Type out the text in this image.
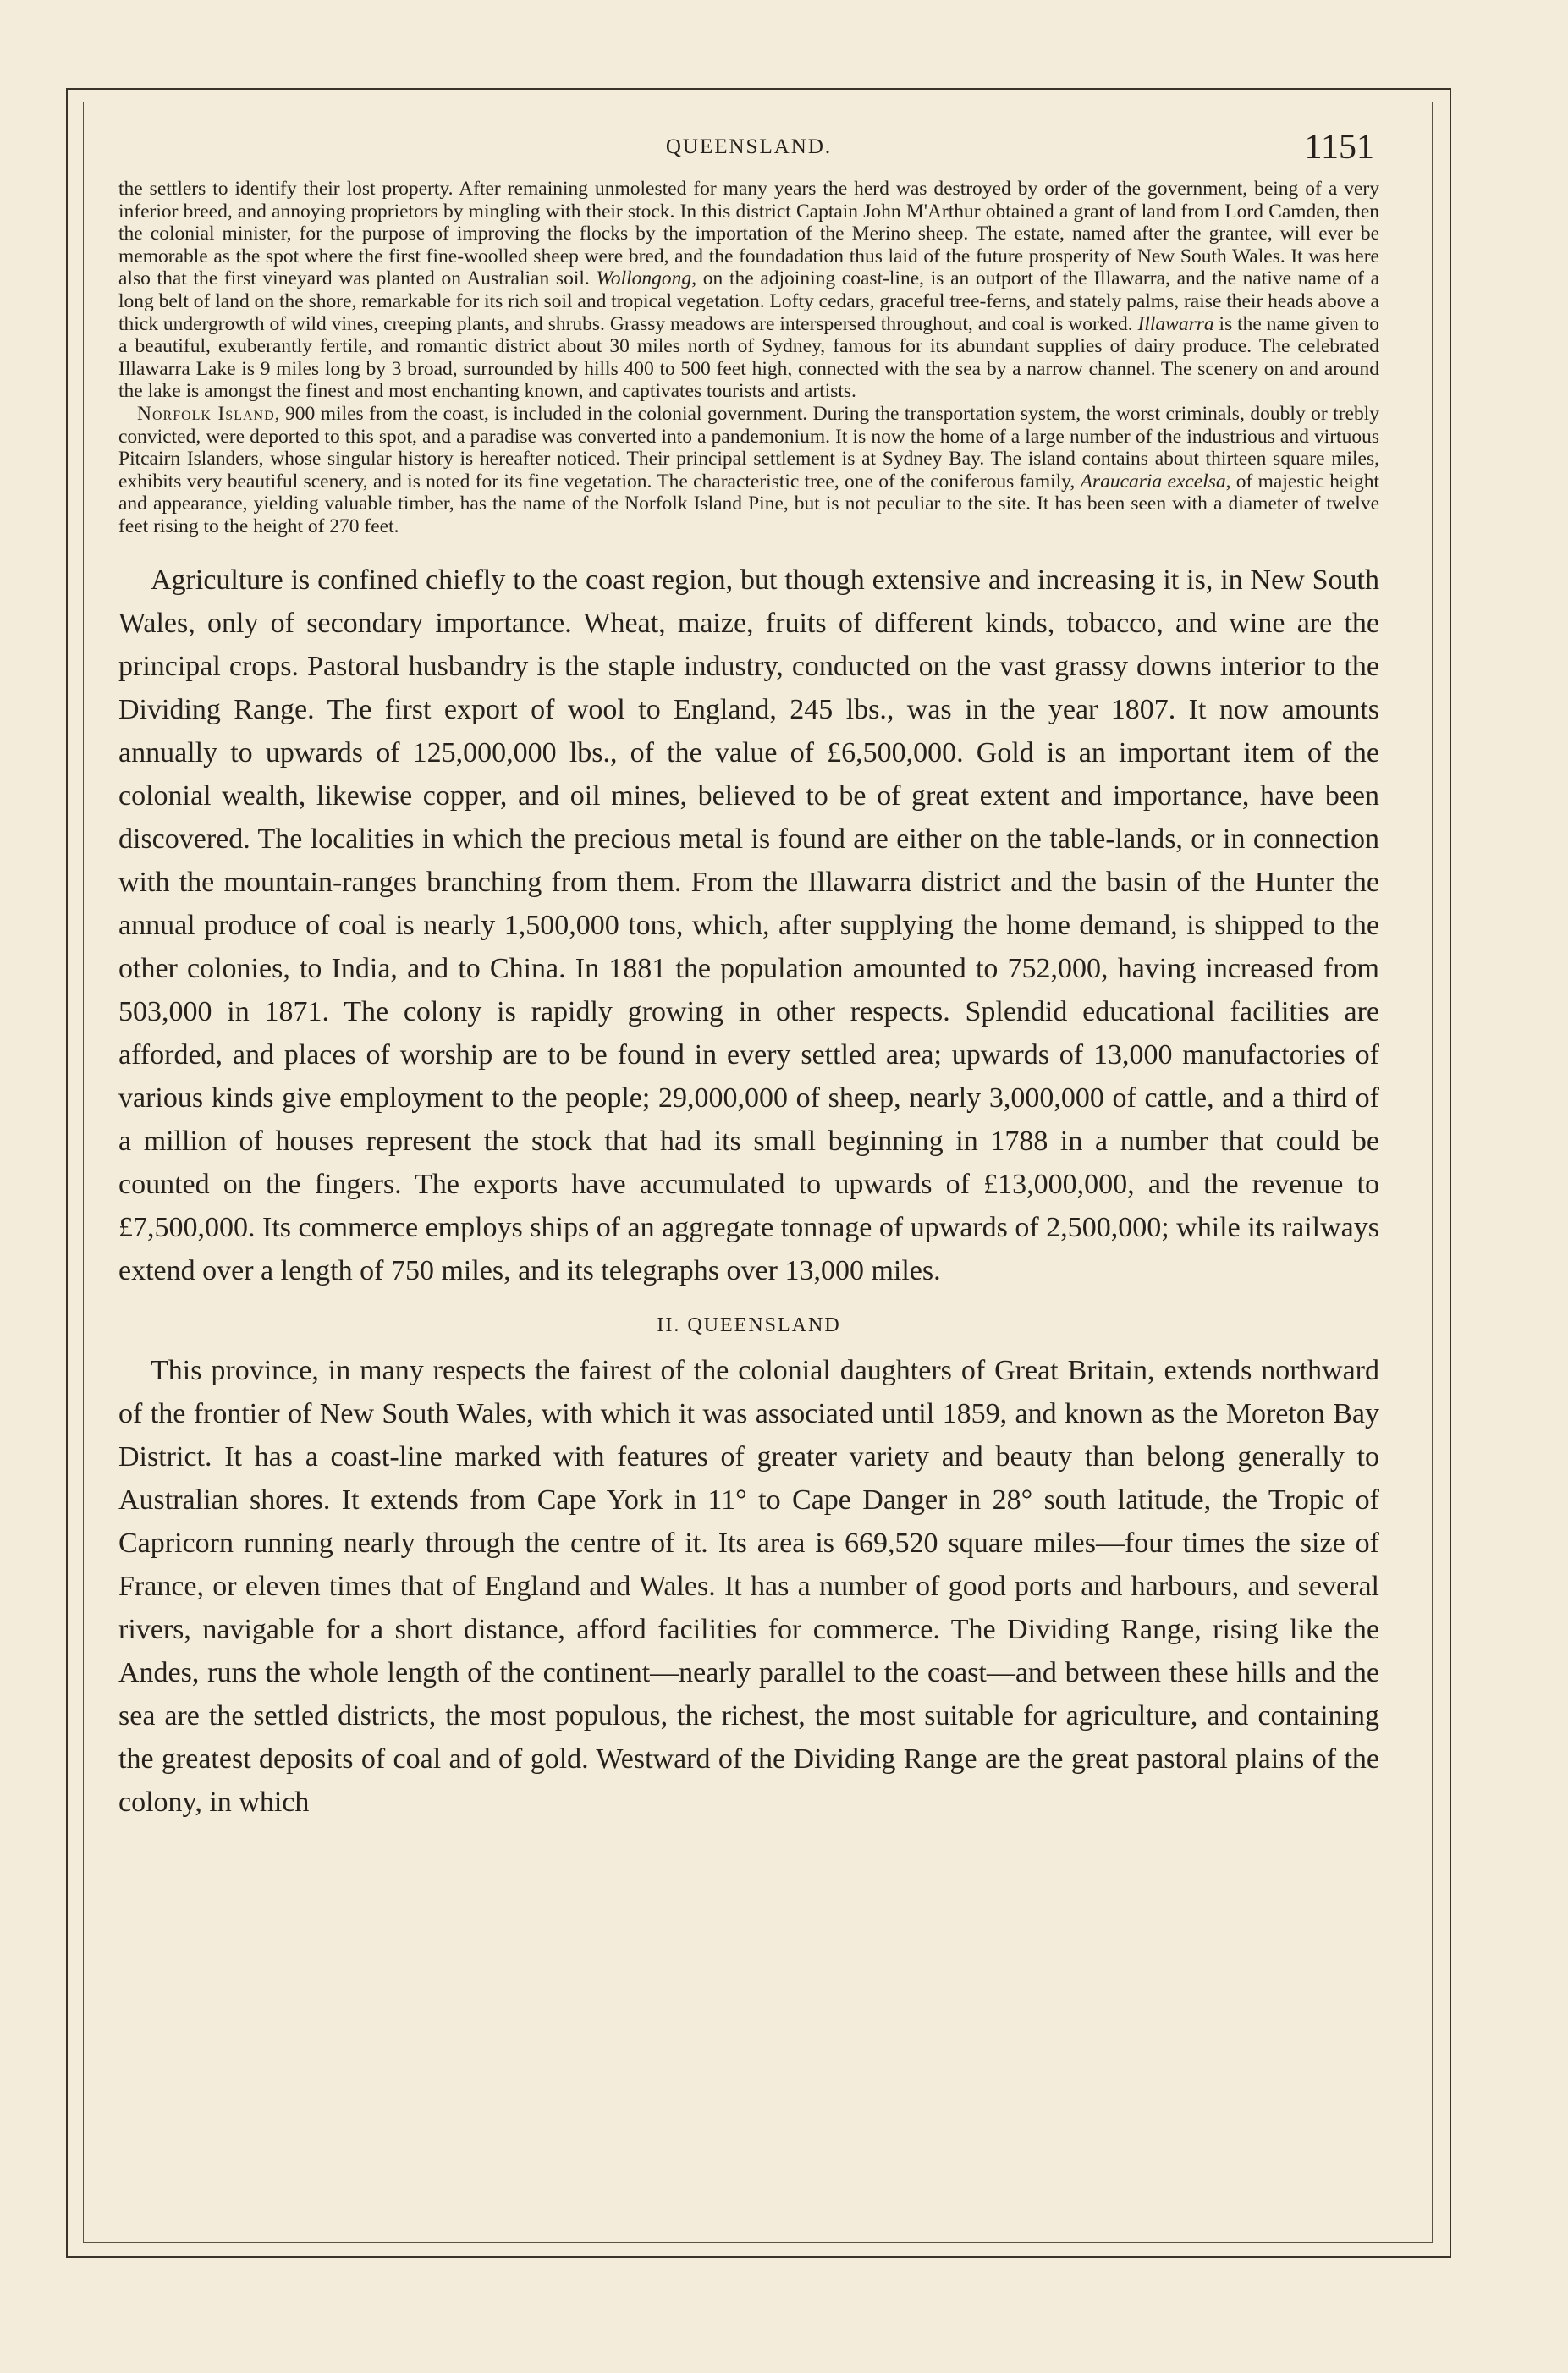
QUEENSLAND.	1151

the settlers to identify their lost property. After remaining unmolested for many years the herd was destroyed by order of the government, being of a very inferior breed, and annoying proprietors by mingling with their stock. In this district Captain John M'Arthur obtained a grant of land from Lord Camden, then the colonial minister, for the purpose of improving the flocks by the importation of the Merino sheep. The estate, named after the grantee, will ever be memorable as the spot where the first fine-woolled sheep were bred, and the foundadation thus laid of the future prosperity of New South Wales. It was here also that the first vineyard was planted on Australian soil. Wollongong, on the adjoining coast-line, is an outport of the Illawarra, and the native name of a long belt of land on the shore, remarkable for its rich soil and tropical vegetation. Lofty cedars, graceful tree-ferns, and stately palms, raise their heads above a thick undergrowth of wild vines, creeping plants, and shrubs. Grassy meadows are interspersed throughout, and coal is worked. Illawarra is the name given to a beautiful, exuberantly fertile, and romantic district about 30 miles north of Sydney, famous for its abundant supplies of dairy produce. The celebrated Illawarra Lake is 9 miles long by 3 broad, surrounded by hills 400 to 500 feet high, connected with the sea by a narrow channel. The scenery on and around the lake is amongst the finest and most enchanting known, and captivates tourists and artists.

Norfolk Island, 900 miles from the coast, is included in the colonial government. During the transportation system, the worst criminals, doubly or trebly convicted, were deported to this spot, and a paradise was converted into a pandemonium. It is now the home of a large number of the industrious and virtuous Pitcairn Islanders, whose singular history is hereafter noticed. Their principal settlement is at Sydney Bay. The island contains about thirteen square miles, exhibits very beautiful scenery, and is noted for its fine vegetation. The characteristic tree, one of the coniferous family, Araucaria excelsa, of majestic height and appearance, yielding valuable timber, has the name of the Norfolk Island Pine, but is not peculiar to the site. It has been seen with a diameter of twelve feet rising to the height of 270 feet.

Agriculture is confined chiefly to the coast region, but though extensive and increasing it is, in New South Wales, only of secondary importance. Wheat, maize, fruits of different kinds, tobacco, and wine are the principal crops. Pastoral husbandry is the staple industry, conducted on the vast grassy downs interior to the Dividing Range. The first export of wool to England, 245 lbs., was in the year 1807. It now amounts annually to upwards of 125,000,000 lbs., of the value of £6,500,000. Gold is an important item of the colonial wealth, likewise copper, and oil mines, believed to be of great extent and importance, have been discovered. The localities in which the precious metal is found are either on the table-lands, or in connection with the mountain-ranges branching from them. From the Illawarra district and the basin of the Hunter the annual produce of coal is nearly 1,500,000 tons, which, after supplying the home demand, is shipped to the other colonies, to India, and to China. In 1881 the population amounted to 752,000, having increased from 503,000 in 1871. The colony is rapidly growing in other respects. Splendid educational facilities are afforded, and places of worship are to be found in every settled area; upwards of 13,000 manufactories of various kinds give employment to the people; 29,000,000 of sheep, nearly 3,000,000 of cattle, and a third of a million of houses represent the stock that had its small beginning in 1788 in a number that could be counted on the fingers. The exports have accumulated to upwards of £13,000,000, and the revenue to £7,500,000. Its commerce employs ships of an aggregate tonnage of upwards of 2,500,000; while its railways extend over a length of 750 miles, and its telegraphs over 13,000 miles.

II. QUEENSLAND

This province, in many respects the fairest of the colonial daughters of Great Britain, extends northward of the frontier of New South Wales, with which it was associated until 1859, and known as the Moreton Bay District. It has a coast-line marked with features of greater variety and beauty than belong generally to Australian shores. It extends from Cape York in 11° to Cape Danger in 28° south latitude, the Tropic of Capricorn running nearly through the centre of it. Its area is 669,520 square miles—four times the size of France, or eleven times that of England and Wales. It has a number of good ports and harbours, and several rivers, navigable for a short distance, afford facilities for commerce. The Dividing Range, rising like the Andes, runs the whole length of the continent—nearly parallel to the coast—and between these hills and the sea are the settled districts, the most populous, the richest, the most suitable for agriculture, and containing the greatest deposits of coal and of gold. Westward of the Dividing Range are the great pastoral plains of the colony, in which
